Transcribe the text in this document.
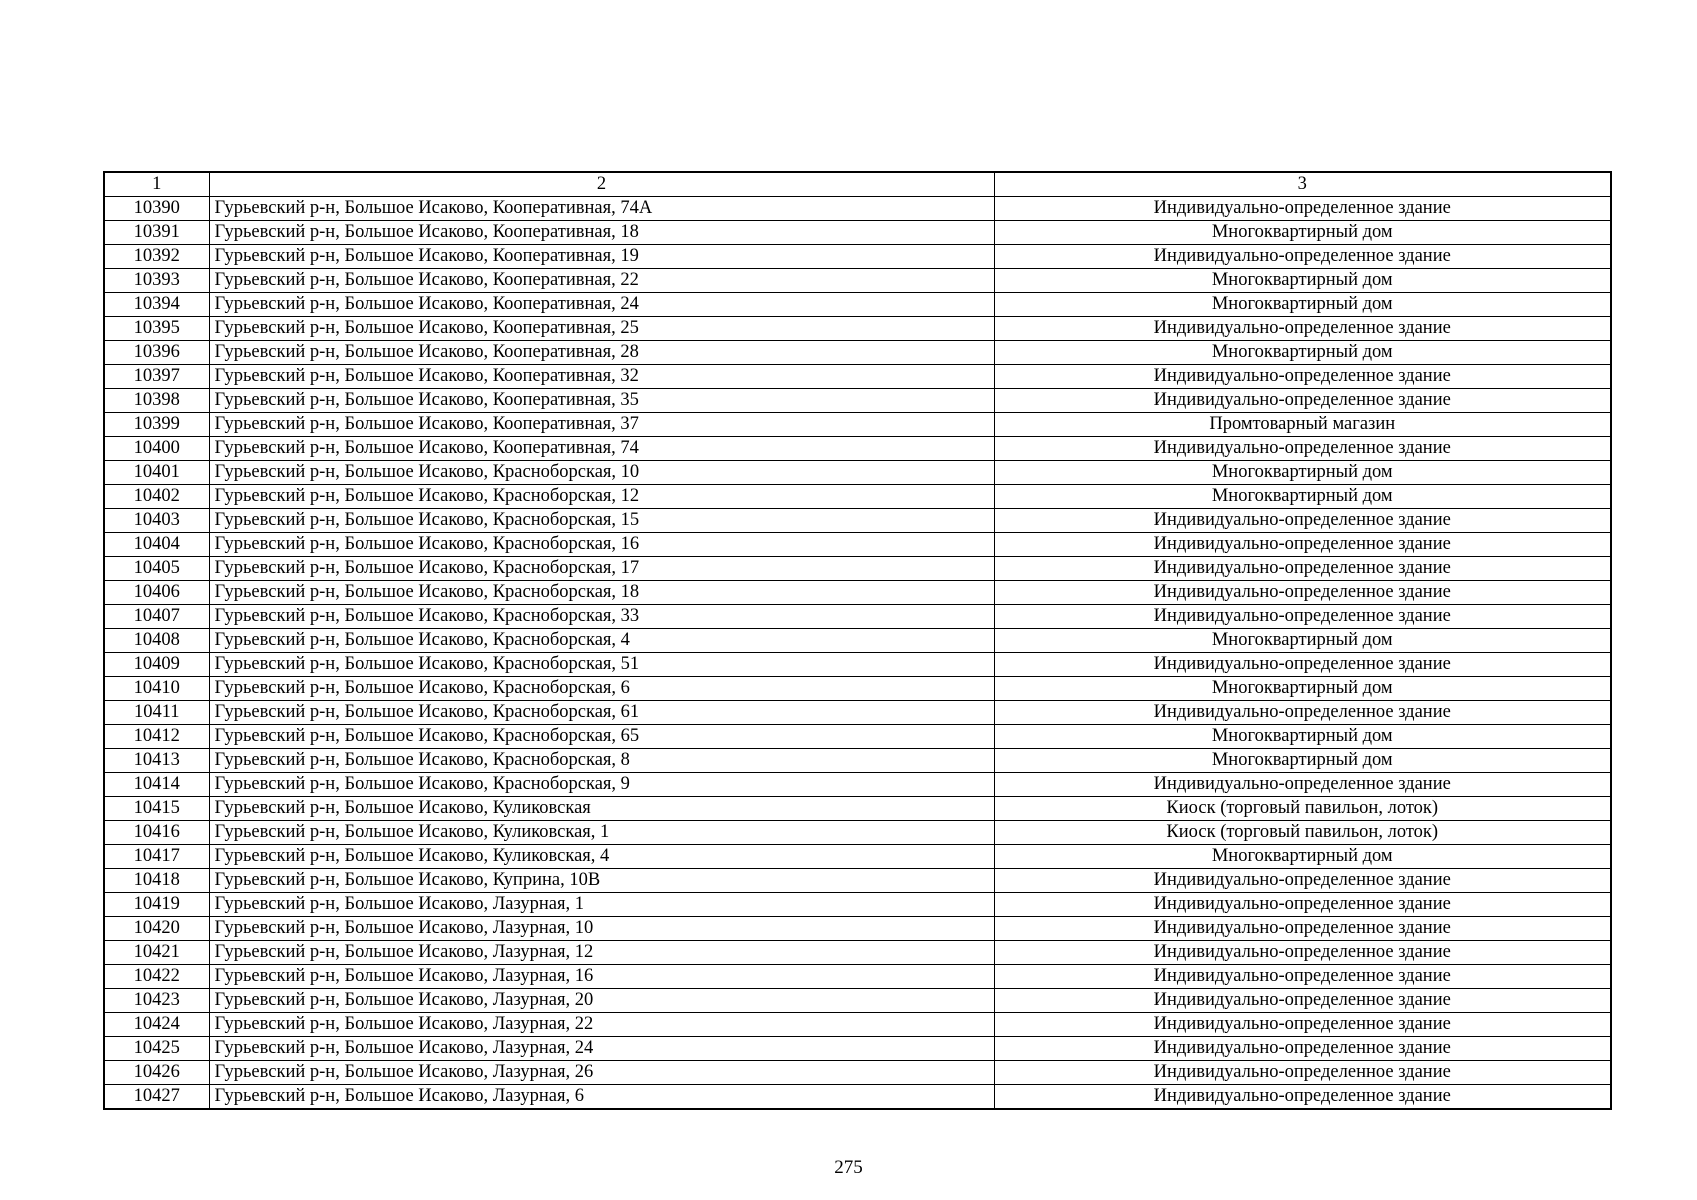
1	2	3
10390	Гурьевский р-н, Большое Исаково, Кооперативная, 74А	Индивидуально-определенное здание
10391	Гурьевский р-н, Большое Исаково, Кооперативная, 18	Многоквартирный дом
10392	Гурьевский р-н, Большое Исаково, Кооперативная, 19	Индивидуально-определенное здание
10393	Гурьевский р-н, Большое Исаково, Кооперативная, 22	Многоквартирный дом
10394	Гурьевский р-н, Большое Исаково, Кооперативная, 24	Многоквартирный дом
10395	Гурьевский р-н, Большое Исаково, Кооперативная, 25	Индивидуально-определенное здание
10396	Гурьевский р-н, Большое Исаково, Кооперативная, 28	Многоквартирный дом
10397	Гурьевский р-н, Большое Исаково, Кооперативная, 32	Индивидуально-определенное здание
10398	Гурьевский р-н, Большое Исаково, Кооперативная, 35	Индивидуально-определенное здание
10399	Гурьевский р-н, Большое Исаково, Кооперативная, 37	Промтоварный магазин
10400	Гурьевский р-н, Большое Исаково, Кооперативная, 74	Индивидуально-определенное здание
10401	Гурьевский р-н, Большое Исаково, Красноборская, 10	Многоквартирный дом
10402	Гурьевский р-н, Большое Исаково, Красноборская, 12	Многоквартирный дом
10403	Гурьевский р-н, Большое Исаково, Красноборская, 15	Индивидуально-определенное здание
10404	Гурьевский р-н, Большое Исаково, Красноборская, 16	Индивидуально-определенное здание
10405	Гурьевский р-н, Большое Исаково, Красноборская, 17	Индивидуально-определенное здание
10406	Гурьевский р-н, Большое Исаково, Красноборская, 18	Индивидуально-определенное здание
10407	Гурьевский р-н, Большое Исаково, Красноборская, 33	Индивидуально-определенное здание
10408	Гурьевский р-н, Большое Исаково, Красноборская, 4	Многоквартирный дом
10409	Гурьевский р-н, Большое Исаково, Красноборская, 51	Индивидуально-определенное здание
10410	Гурьевский р-н, Большое Исаково, Красноборская, 6	Многоквартирный дом
10411	Гурьевский р-н, Большое Исаково, Красноборская, 61	Индивидуально-определенное здание
10412	Гурьевский р-н, Большое Исаково, Красноборская, 65	Многоквартирный дом
10413	Гурьевский р-н, Большое Исаково, Красноборская, 8	Многоквартирный дом
10414	Гурьевский р-н, Большое Исаково, Красноборская, 9	Индивидуально-определенное здание
10415	Гурьевский р-н, Большое Исаково, Куликовская	Киоск (торговый павильон, лоток)
10416	Гурьевский р-н, Большое Исаково, Куликовская, 1	Киоск (торговый павильон, лоток)
10417	Гурьевский р-н, Большое Исаково, Куликовская, 4	Многоквартирный дом
10418	Гурьевский р-н, Большое Исаково, Куприна, 10В	Индивидуально-определенное здание
10419	Гурьевский р-н, Большое Исаково, Лазурная, 1	Индивидуально-определенное здание
10420	Гурьевский р-н, Большое Исаково, Лазурная, 10	Индивидуально-определенное здание
10421	Гурьевский р-н, Большое Исаково, Лазурная, 12	Индивидуально-определенное здание
10422	Гурьевский р-н, Большое Исаково, Лазурная, 16	Индивидуально-определенное здание
10423	Гурьевский р-н, Большое Исаково, Лазурная, 20	Индивидуально-определенное здание
10424	Гурьевский р-н, Большое Исаково, Лазурная, 22	Индивидуально-определенное здание
10425	Гурьевский р-н, Большое Исаково, Лазурная, 24	Индивидуально-определенное здание
10426	Гурьевский р-н, Большое Исаково, Лазурная, 26	Индивидуально-определенное здание
10427	Гурьевский р-н, Большое Исаково, Лазурная, 6	Индивидуально-определенное здание
275
